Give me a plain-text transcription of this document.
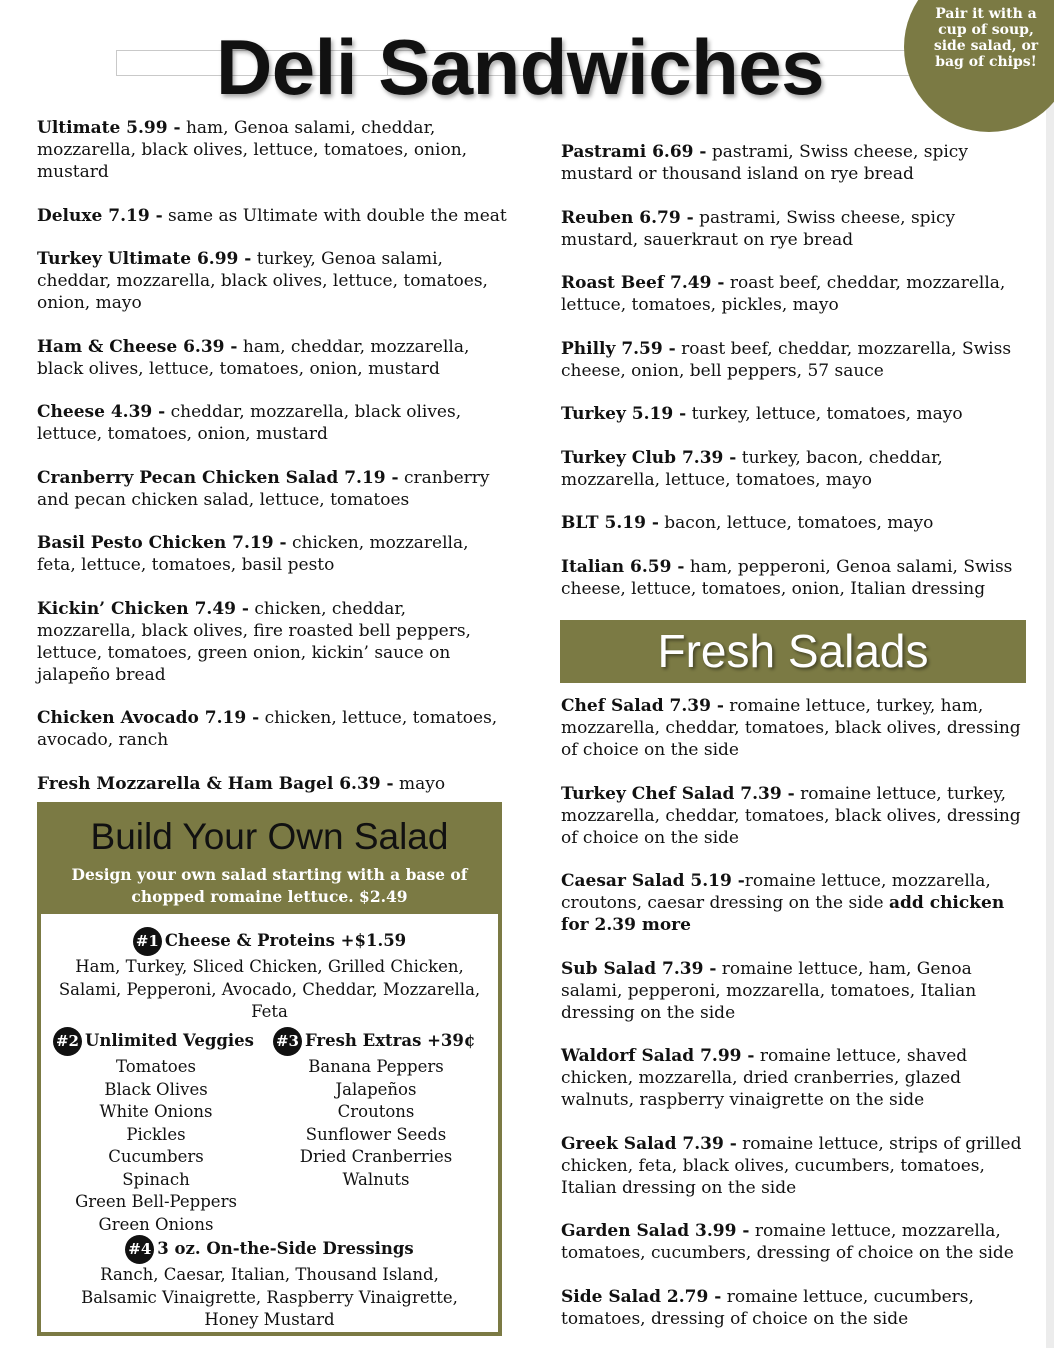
Deli Sandwiches
Pair it with a cup of soup, side salad, or bag of chips!

Ultimate 5.99 - ham, Genoa salami, cheddar, mozzarella, black olives, lettuce, tomatoes, onion, mustard

Deluxe 7.19 - same as Ultimate with double the meat

Turkey Ultimate 6.99 - turkey, Genoa salami, cheddar, mozzarella, black olives, lettuce, tomatoes, onion, mayo

Ham & Cheese 6.39 - ham, cheddar, mozzarella, black olives, lettuce, tomatoes, onion, mustard

Cheese 4.39 - cheddar, mozzarella, black olives, lettuce, tomatoes, onion, mustard

Cranberry Pecan Chicken Salad 7.19 - cranberry and pecan chicken salad, lettuce, tomatoes

Basil Pesto Chicken 7.19 - chicken, mozzarella, feta, lettuce, tomatoes, basil pesto

Kickin’ Chicken 7.49 - chicken, cheddar, mozzarella, black olives, fire roasted bell peppers, lettuce, tomatoes, green onion, kickin’ sauce on jalapeño bread

Chicken Avocado 7.19 - chicken, lettuce, tomatoes, avocado, ranch

Fresh Mozzarella & Ham Bagel 6.39 - mayo

Pastrami 6.69 - pastrami, Swiss cheese, spicy mustard or thousand island on rye bread

Reuben 6.79 - pastrami, Swiss cheese, spicy mustard, sauerkraut on rye bread

Roast Beef 7.49 - roast beef, cheddar, mozzarella, lettuce, tomatoes, pickles, mayo

Philly 7.59 - roast beef, cheddar, mozzarella, Swiss cheese, onion, bell peppers, 57 sauce

Turkey 5.19 - turkey, lettuce, tomatoes, mayo

Turkey Club 7.39 - turkey, bacon, cheddar, mozzarella, lettuce, tomatoes, mayo

BLT 5.19 - bacon, lettuce, tomatoes, mayo

Italian 6.59 - ham, pepperoni, Genoa salami, Swiss cheese, lettuce, tomatoes, onion, Italian dressing

Fresh Salads

Chef Salad 7.39 - romaine lettuce, turkey, ham, mozzarella, cheddar, tomatoes, black olives, dressing of choice on the side

Turkey Chef Salad 7.39 - romaine lettuce, turkey, mozzarella, cheddar, tomatoes, black olives, dressing of choice on the side

Caesar Salad 5.19 -romaine lettuce, mozzarella, croutons, caesar dressing on the side add chicken for 2.39 more

Sub Salad 7.39 - romaine lettuce, ham, Genoa salami, pepperoni, mozzarella, tomatoes, Italian dressing on the side

Waldorf Salad 7.99 - romaine lettuce, shaved chicken, mozzarella, dried cranberries, glazed walnuts, raspberry vinaigrette on the side

Greek Salad 7.39 - romaine lettuce, strips of grilled chicken, feta, black olives, cucumbers, tomatoes, Italian dressing on the side

Garden Salad 3.99 - romaine lettuce, mozzarella, tomatoes, cucumbers, dressing of choice on the side

Side Salad 2.79 - romaine lettuce, cucumbers, tomatoes, dressing of choice on the side

Build Your Own Salad
Design your own salad starting with a base of chopped romaine lettuce. $2.49
#1 Cheese & Proteins +$1.59
Ham, Turkey, Sliced Chicken, Grilled Chicken, Salami, Pepperoni, Avocado, Cheddar, Mozzarella, Feta
#2 Unlimited Veggies
Tomatoes
Black Olives
White Onions
Pickles
Cucumbers
Spinach
Green Bell-Peppers
Green Onions
#3 Fresh Extras +39¢
Banana Peppers
Jalapeños
Croutons
Sunflower Seeds
Dried Cranberries
Walnuts
#4 3 oz. On-the-Side Dressings
Ranch, Caesar, Italian, Thousand Island, Balsamic Vinaigrette, Raspberry Vinaigrette, Honey Mustard
